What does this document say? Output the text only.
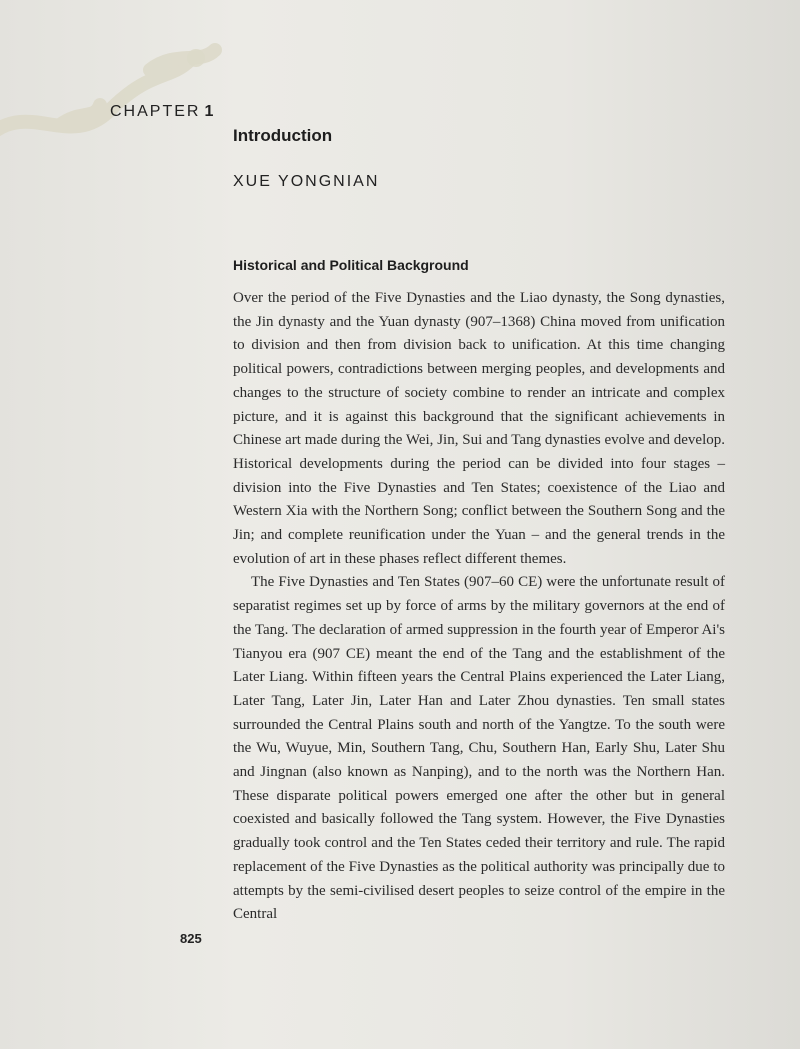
CHAPTER 1

Introduction

XUE YONGNIAN

Historical and Political Background

Over the period of the Five Dynasties and the Liao dynasty, the Song dynasties, the Jin dynasty and the Yuan dynasty (907–1368) China moved from unification to division and then from division back to unification. At this time changing political powers, contradictions between merging peoples, and developments and changes to the structure of society combine to render an intricate and complex picture, and it is against this background that the significant achievements in Chinese art made during the Wei, Jin, Sui and Tang dynasties evolve and develop. Historical developments during the period can be divided into four stages – division into the Five Dynasties and Ten States; coexistence of the Liao and Western Xia with the Northern Song; conflict between the Southern Song and the Jin; and complete reunification under the Yuan – and the general trends in the evolution of art in these phases reflect different themes.

The Five Dynasties and Ten States (907–60 CE) were the unfortunate result of separatist regimes set up by force of arms by the military governors at the end of the Tang. The declaration of armed suppression in the fourth year of Emperor Ai's Tianyou era (907 CE) meant the end of the Tang and the establishment of the Later Liang. Within fifteen years the Central Plains experienced the Later Liang, Later Tang, Later Jin, Later Han and Later Zhou dynasties. Ten small states surrounded the Central Plains south and north of the Yangtze. To the south were the Wu, Wuyue, Min, Southern Tang, Chu, Southern Han, Early Shu, Later Shu and Jingnan (also known as Nanping), and to the north was the Northern Han. These disparate political powers emerged one after the other but in general coexisted and basically followed the Tang system. However, the Five Dynasties gradually took control and the Ten States ceded their territory and rule. The rapid replacement of the Five Dynasties as the political authority was principally due to attempts by the semi-civilised desert peoples to seize control of the empire in the Central

825
